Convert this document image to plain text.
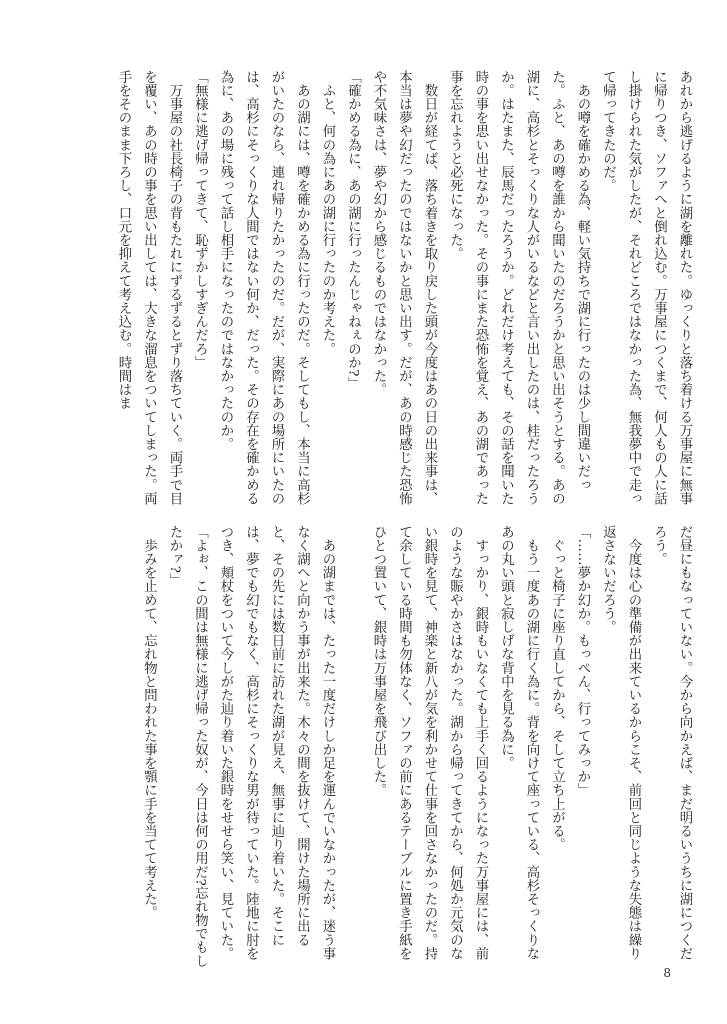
あれから逃げるように湖を離れた。ゆっくりと落ち着ける万事屋に無事に帰りつき、ソファへと倒れ込む。万事屋につくまで、何人もの人に話し掛けられた気がしたが、それどころではなかった為、無我夢中で走って帰ってきたのだ。

　あの噂を確かめる為、軽い気持ちで湖に行ったのは少し間違いだった。ふと、あの噂を誰から聞いたのだろうかと思い出そうとする。あの湖に、高杉とそっくりな人がいるなどと言い出したのは、桂だったろうか。はたまた、辰馬だったろうか。どれだけ考えても、その話を聞いた時の事を思い出せなかった。その事にまた恐怖を覚え、あの湖であった事を忘れようと必死になった。

　数日が経てば、落ち着きを取り戻した頭が今度はあの日の出来事は、本当は夢や幻だったのではないかと思い出す。だが、あの時感じた恐怖や不気味さは、夢や幻から感じるものではなかった。

「確かめる為に、あの湖に行ったんじゃねぇのか?」

　ふと、何の為にあの湖に行ったのか考えた。

　あの湖には、噂を確かめる為に行ったのだ。そしてもし、本当に高杉がいたのなら、連れ帰りたかったのだ。だが、実際にあの場所にいたのは、高杉にそっくりな人間ではない何か、だった。その存在を確かめる為に、あの場に残って話し相手になったのではなかったのか。

「無様に逃げ帰ってきて、恥ずかしすぎんだろ」

　万事屋の社長椅子の背もたれにずるずるとずり落ちていく。両手で目を覆い、あの時の事を思い出しては、大きな溜息をついてしまった。両手をそのまま下ろし、口元を抑えて考え込む。時間はま

だ昼にもなっていない。今から向かえば、まだ明るいうちに湖につくだろう。

　今度は心の準備が出来ているからこそ、前回と同じような失態は繰り返さないだろう。

「……夢か幻か。もっぺん、行ってみっか」

　ぐっと椅子に座り直してから、そして立ち上がる。

　もう一度あの湖に行く為に。背を向けて座っている、高杉そっくりなあの丸い頭と寂しげな背中を見る為に。

　すっかり、銀時もいなくても上手く回るようになった万事屋には、前のような賑やかさはなかった。湖から帰ってきてから、何処か元気のない銀時を見て、神楽と新八が気を利かせて仕事を回さなかったのだ。持て余している時間も勿体なく、ソファの前にあるテーブルに置き手紙をひとつ置いて、銀時は万事屋を飛び出した。

　あの湖までは、たった一度だけしか足を運んでいなかったが、迷う事なく湖へと向かう事が出来た。木々の間を抜けて、開けた場所に出ると、その先には数日前に訪れた湖が見え、無事に辿り着いた。そこには、夢でも幻でもなく、高杉にそっくりな男が待っていた。陸地に肘をつき、頬杖をついて今しがた辿り着いた銀時をせせら笑い、見ていた。

「よぉ、この間は無様に逃げ帰った奴が、今日は何の用だ?忘れ物でもしたかァ?」

　歩みを止めて、忘れ物と問われた事を顎に手を当てて考えた。

8
